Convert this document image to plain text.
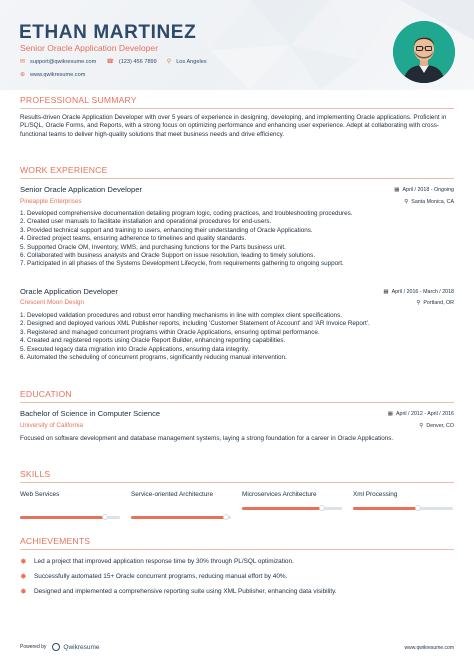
ETHAN MARTINEZ
Senior Oracle Application Developer
✉ support@qwikresume.com ☎ (123) 456 7899 ⚲ Los Angeles
⊕ www.qwikresume.com
PROFESSIONAL SUMMARY
Results-driven Oracle Application Developer with over 5 years of experience in designing, developing, and implementing Oracle applications. Proficient in PL/SQL, Oracle Forms, and Reports, with a strong focus on optimizing performance and enhancing user experience. Adept at collaborating with cross-functional teams to deliver high-quality solutions that meet business needs and drive efficiency.
WORK EXPERIENCE
Senior Oracle Application Developer	▦ April / 2018 - Ongoing
Pineapple Enterprises	⚲ Santa Monica, CA
1. Developed comprehensive documentation detailing program logic, coding practices, and troubleshooting procedures.
2. Created user manuals to facilitate installation and operational procedures for end-users.
3. Provided technical support and training to users, enhancing their understanding of Oracle Applications.
4. Directed project teams, ensuring adherence to timelines and quality standards.
5. Supported Oracle OM, Inventory, WMS, and purchasing functions for the Parts business unit.
6. Collaborated with business analysts and Oracle Support on issue resolution, leading to timely solutions.
7. Participated in all phases of the Systems Development Lifecycle, from requirements gathering to ongoing support.
Oracle Application Developer	▦ April / 2016 - March / 2018
Crescent Moon Design	⚲ Portland, OR
1. Developed validation procedures and robust error handling mechanisms in line with complex client specifications.
2. Designed and deployed various XML Publisher reports, including 'Customer Statement of Account' and 'AR Invoice Report'.
3. Registered and managed concurrent programs within Oracle Applications, ensuring optimal performance.
4. Created and registered reports using Oracle Report Builder, enhancing reporting capabilities.
5. Executed legacy data migration into Oracle Applications, ensuring data integrity.
6. Automated the scheduling of concurrent programs, significantly reducing manual intervention.
EDUCATION
Bachelor of Science in Computer Science	▦ April / 2012 - April / 2016
University of California	⚲ Denver, CO
Focused on software development and database management systems, laying a strong foundation for a career in Oracle Applications.
SKILLS
Web Services	Service-oriented Architecture	Microservices Architecture	Xml Processing
ACHIEVEMENTS
✸	Led a project that improved application response time by 30% through PL/SQL optimization.
✸	Successfully automated 15+ Oracle concurrent programs, reducing manual effort by 40%.
✸	Designed and implemented a comprehensive reporting suite using XML Publisher, enhancing data visibility.
Powered by	Qwikresume	www.qwikresume.com
